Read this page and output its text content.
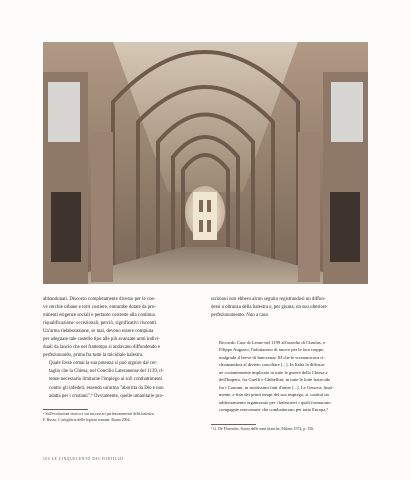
abbandonati. Discorso completamente diverso per le coe-
ve cerchie urbane e torri costiere, entrambe dotate da pro-
minenti esigenze sociali e pertanto costrette alla continua
riqualificazione: eccezionali, perciò, significativi riscontri.
Un'arma rielaborazione, se mai, devono essere compiuta
per adeguare tale castello tipo alle più avanzate armi indivi-
duali da lancio che nel frattempo si andavano diffondendo e
perfezionando, prima fra tutte la micidiale balestra.

Quale fosse ormai la sua potenza si può arguire dal cer-
taglio che la Chiesa, nel Concilio Lateranense del 1139, ri-
tenne necessario limitarne l'impiego ai soli combattimenti
contro gli infedeli, essendo un'arma "aborrita da Dio e non
adatta per i cristiani".⁴ Ovviamente, quelle umanitarie pro-

scrizioni non ebbero alcun seguito registrandosi un diffon-
dersi a oltranza della balestra e, per giunta, un suo ulteriore
perfezionamento. Non a caso

Riccardo Cuor di Leone nel 1199 all'assedio di Chaslus, e
Filippo Augusto, l'adottarono di nuovo per le loro truppe,
malgrado il breve di Innocenzo III che le scomunicava ri-
chiamandosi al divieto conciliare [...]. In Italia la diffusio-
ne costantemente implicato in tutte le guerre della Chiesa e
dell'Impero, fra Guelfi e Ghibellini, in tutte le lotte fratricide
fra i Comuni, in moltissimi fatti d'arme [...]. Le Genova, final-
mente, e fino dai primi tempi del suo impiego, si costituì un
addestramento organizzato per i balestrieri i quali formarono
compagnie mercenarie che combatterono per tutta Europa.⁵
⁴ Sull'evoluzione storica e sui successivi perfezionamenti della balestra,
F. Russo, L'artiglieria delle legioni romane, Roma 2004.
⁵ G. De Florentiis, Storia delle armi bianche, Milano 1974, p. 156.
104 LE CINQUECENTO DEI FORTILIZI
